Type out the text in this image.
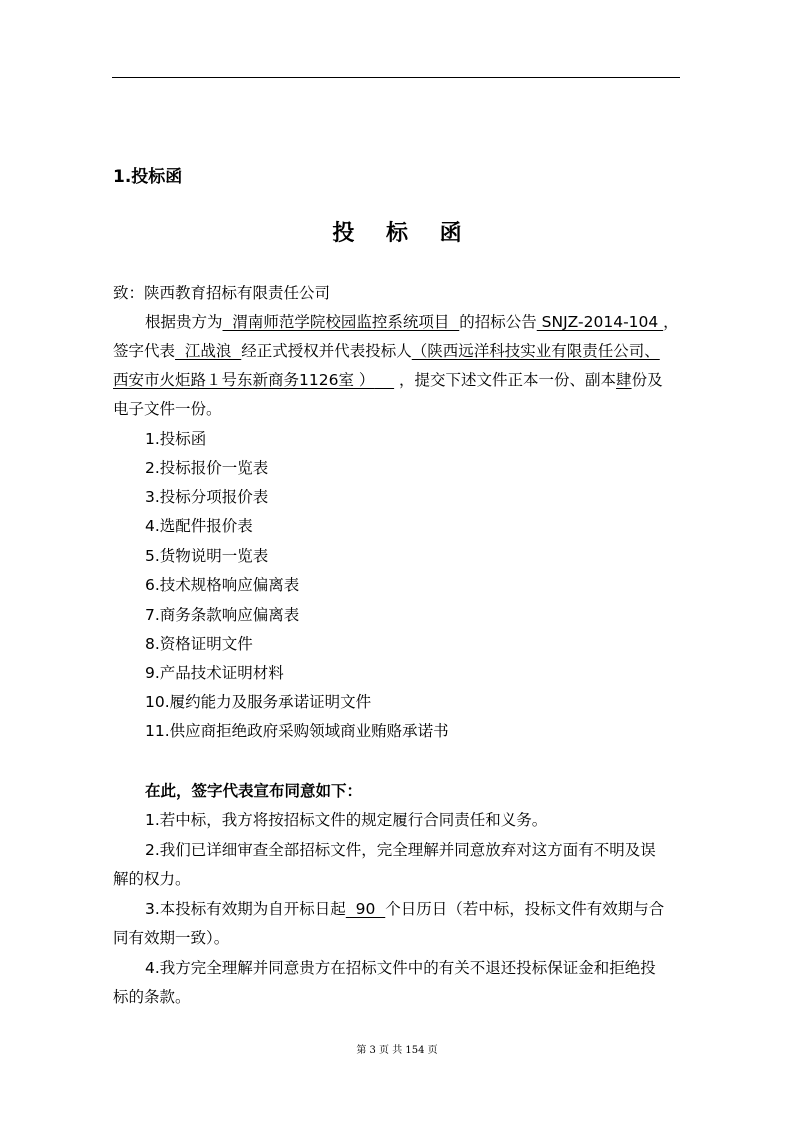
1.投标函
投 标 函
致：陕西教育招标有限责任公司
根据贵方为  渭南师范学院校园监控系统项目  的招标公告 SNJZ-2014-104 ，
签字代表  江战浪  经正式授权并代表投标人（陕西远洋科技实业有限责任公司、
西安市火炬路１号东新商务1126室 ） ，提交下述文件正本一份、副本肆份及
电子文件一份。
1.投标函
2.投标报价一览表
3.投标分项报价表
4.选配件报价表
5.货物说明一览表
6.技术规格响应偏离表
7.商务条款响应偏离表
8.资格证明文件
9.产品技术证明材料
10.履约能力及服务承诺证明文件
11.供应商拒绝政府采购领域商业贿赂承诺书
在此，签字代表宣布同意如下：
1.若中标，我方将按招标文件的规定履行合同责任和义务。
2.我们已详细审查全部招标文件，完全理解并同意放弃对这方面有不明及误
解的权力。
3.本投标有效期为自开标日起  90  个日历日（若中标，投标文件有效期与合
同有效期一致）。
4.我方完全理解并同意贵方在招标文件中的有关不退还投标保证金和拒绝投
标的条款。
第 3 页 共 154 页
